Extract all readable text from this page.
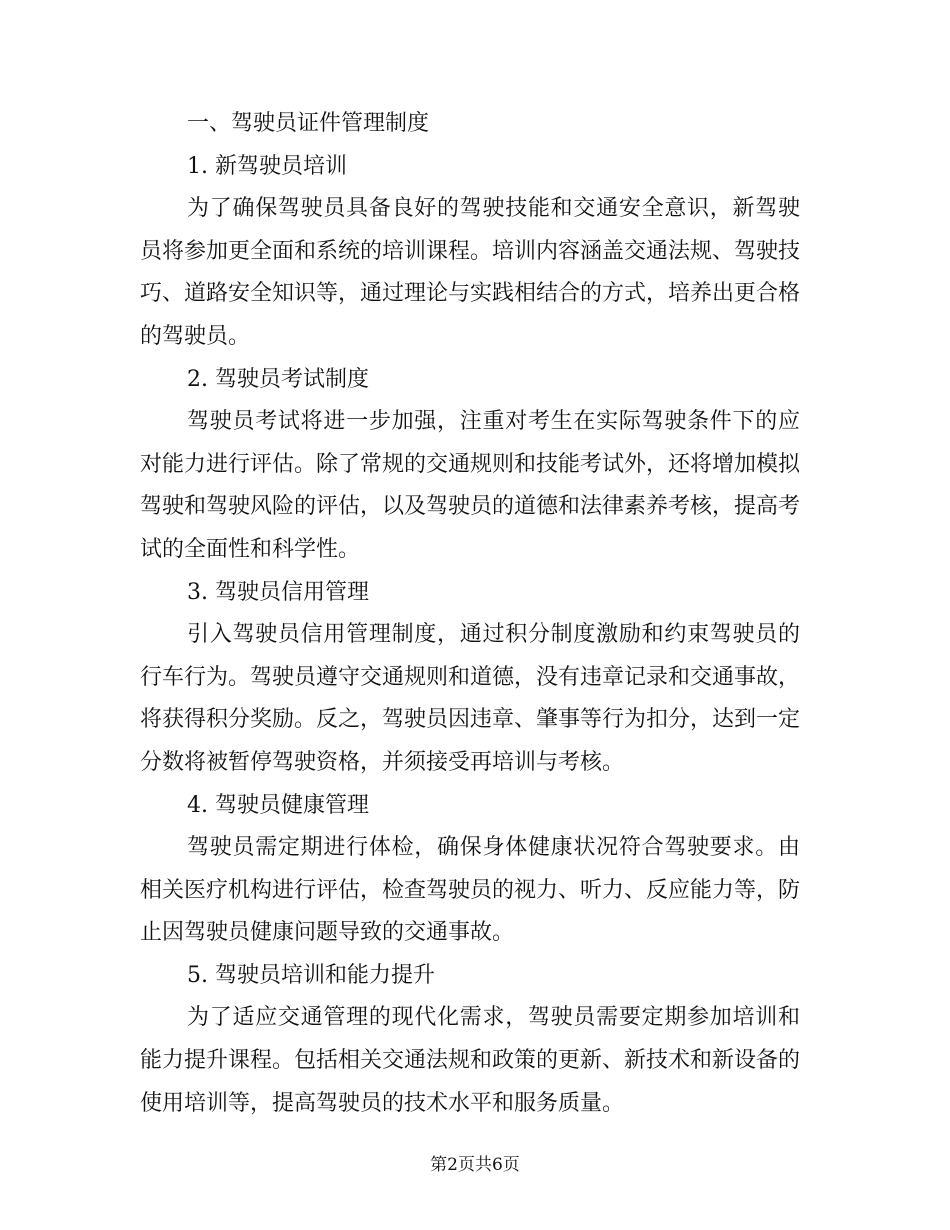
一、驾驶员证件管理制度
1. 新驾驶员培训

为了确保驾驶员具备良好的驾驶技能和交通安全意识，新驾驶员将参加更全面和系统的培训课程。培训内容涵盖交通法规、驾驶技巧、道路安全知识等，通过理论与实践相结合的方式，培养出更合格的驾驶员。

2. 驾驶员考试制度

驾驶员考试将进一步加强，注重对考生在实际驾驶条件下的应对能力进行评估。除了常规的交通规则和技能考试外，还将增加模拟驾驶和驾驶风险的评估，以及驾驶员的道德和法律素养考核，提高考试的全面性和科学性。

3. 驾驶员信用管理

引入驾驶员信用管理制度，通过积分制度激励和约束驾驶员的行车行为。驾驶员遵守交通规则和道德，没有违章记录和交通事故，将获得积分奖励。反之，驾驶员因违章、肇事等行为扣分，达到一定分数将被暂停驾驶资格，并须接受再培训与考核。

4. 驾驶员健康管理

驾驶员需定期进行体检，确保身体健康状况符合驾驶要求。由相关医疗机构进行评估，检查驾驶员的视力、听力、反应能力等，防止因驾驶员健康问题导致的交通事故。

5. 驾驶员培训和能力提升

为了适应交通管理的现代化需求，驾驶员需要定期参加培训和能力提升课程。包括相关交通法规和政策的更新、新技术和新设备的使用培训等，提高驾驶员的技术水平和服务质量。

第2页共6页
